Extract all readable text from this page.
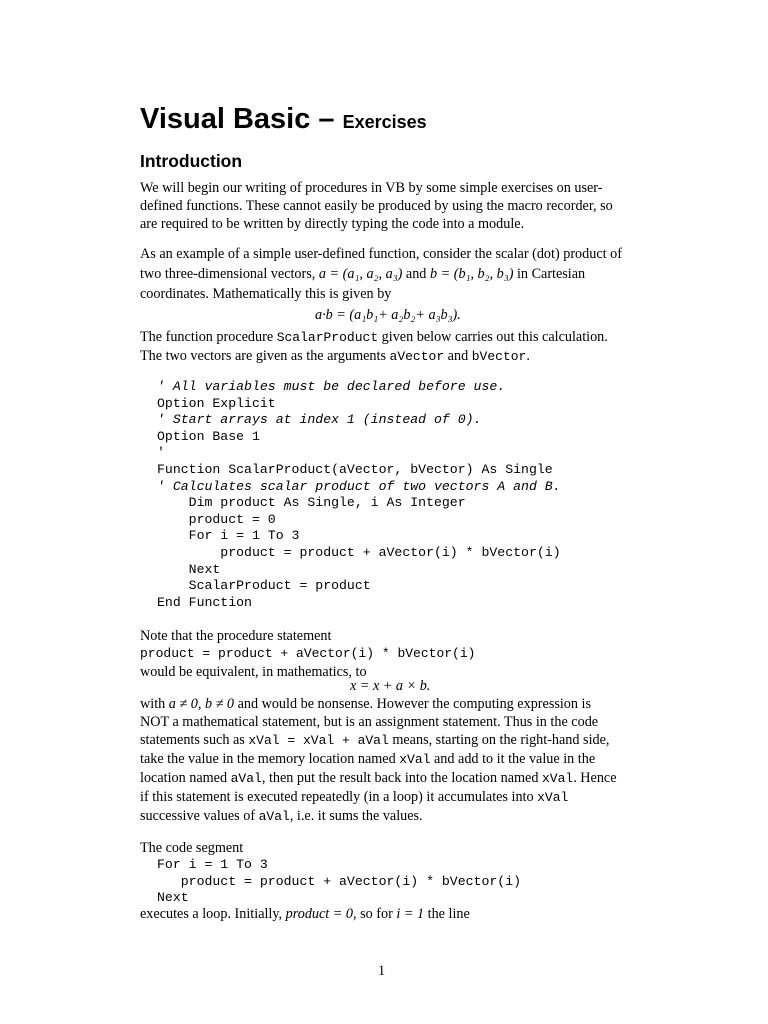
Visual Basic – Exercises
Introduction
We will begin our writing of procedures in VB by some simple exercises on user-defined functions. These cannot easily be produced by using the macro recorder, so are required to be written by directly typing the code into a module.
As an example of a simple user-defined function, consider the scalar (dot) product of
two three-dimensional vectors, a = (a₁, a₂, a₃) and b = (b₁, b₂, b₃) in Cartesian
coordinates. Mathematically this is given by
a·b = (a₁b₁+ a₂b₂+ a₃b₃).
The function procedure ScalarProduct given below carries out this calculation.
The two vectors are given as the arguments aVector and bVector.
' All variables must be declared before use.
Option Explicit
' Start arrays at index 1 (instead of 0).
Option Base 1
'
Function ScalarProduct(aVector, bVector) As Single
' Calculates scalar product of two vectors A and B.
Dim product As Single, i As Integer
product = 0
For i = 1 To 3
product = product + aVector(i) * bVector(i)
Next
ScalarProduct = product
End Function
Note that the procedure statement
product = product + aVector(i) * bVector(i)
would be equivalent, in mathematics, to
x = x + a × b.
with a ≠ 0, b ≠ 0 and would be nonsense. However the computing expression is
NOT a mathematical statement, but is an assignment statement. Thus in the code
statements such as xVal = xVal + aVal means, starting on the right-hand side,
take the value in the memory location named xVal and add to it the value in the
location named aVal, then put the result back into the location named xVal. Hence
if this statement is executed repeatedly (in a loop) it accumulates into xVal
successive values of aVal, i.e. it sums the values.
The code segment
For i = 1 To 3
product = product + aVector(i) * bVector(i)
Next
executes a loop. Initially, product = 0, so for i = 1 the line
1
